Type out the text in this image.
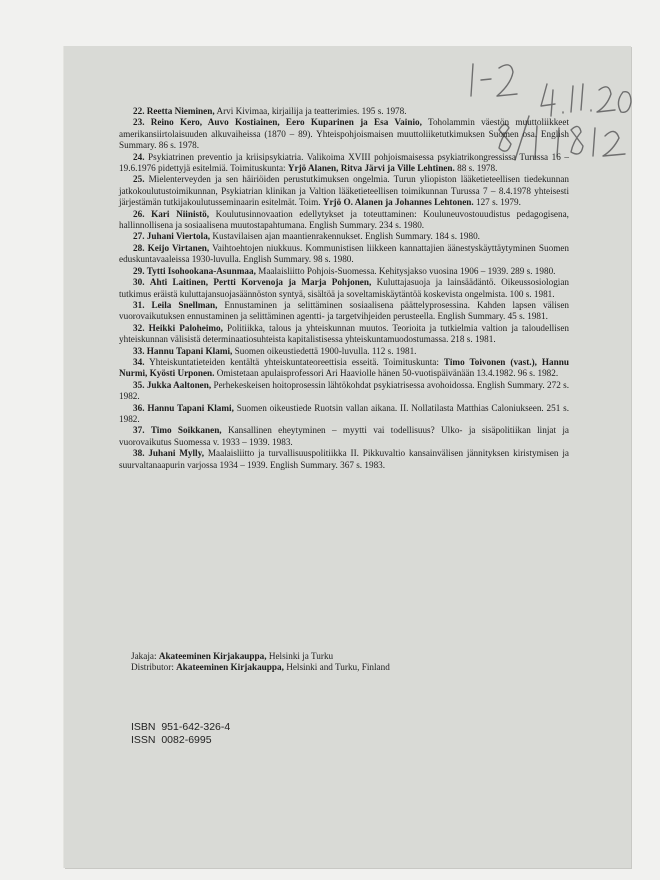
22. Reetta Nieminen, Arvi Kivimaa, kirjailija ja teatterimies. 195 s. 1978.

23. Reino Kero, Auvo Kostiainen, Eero Kuparinen ja Esa Vainio, Toholammin väestön muuttoliikkeet amerikansiirtolaisuuden alkuvaiheissa (1870 – 89). Yhteispohjoismaisen muuttoliiketutkimuksen Suomen osa. English Summary. 86 s. 1978.

24. Psykiatrinen preventio ja kriisipsykiatria. Valikoima XVIII pohjoismaisessa psykiatrikongressissa Turussa 16 – 19.6.1976 pidettyjä esitelmiä. Toimituskunta: Yrjö Alanen, Ritva Järvi ja Ville Lehtinen. 88 s. 1978.

25. Mielenterveyden ja sen häiriöiden perustutkimuksen ongelmia. Turun yliopiston lääketieteellisen tiedekunnan jatkokoulutustoimikunnan, Psykiatrian klinikan ja Valtion lääketieteellisen toimikunnan Turussa 7 – 8.4.1978 yhteisesti järjestämän tutkijakoulutusseminaarin esitelmät. Toim. Yrjö O. Alanen ja Johannes Lehtonen. 127 s. 1979.

26. Kari Niinistö, Koulutusinnovaation edellytykset ja toteuttaminen: Kouluneuvostouudistus pedagogisena, hallinnollisena ja sosiaalisena muutostapahtumana. English Summary. 234 s. 1980.

27. Juhani Viertola, Kustavilaisen ajan maantienrakennukset. English Summary. 184 s. 1980.

28. Keijo Virtanen, Vaihtoehtojen niukkuus. Kommunistisen liikkeen kannattajien äänestyskäyttäytyminen Suomen eduskuntavaaleissa 1930-luvulla. English Summary. 98 s. 1980.

29. Tytti Isohookana-Asunmaa, Maalaisliitto Pohjois-Suomessa. Kehitysjakso vuosina 1906 – 1939. 289 s. 1980.

30. Ahti Laitinen, Pertti Korvenoja ja Marja Pohjonen, Kuluttajasuoja ja lainsäädäntö. Oikeussosiologian tutkimus eräistä kuluttajansuojasäännöston syntyä, sisältöä ja soveltamiskäytäntöä koskevista ongelmista. 100 s. 1981.

31. Leila Snellman, Ennustaminen ja selittäminen sosiaalisena päättelyprosessina. Kahden lapsen välisen vuorovaikutuksen ennustaminen ja selittäminen agentti- ja targetvihjeiden perusteella. English Summary. 45 s. 1981.

32. Heikki Paloheimo, Politiikka, talous ja yhteiskunnan muutos. Teorioita ja tutkielmia valtion ja taloudellisen yhteiskunnan välisistä determinaatiosuhteista kapitalistisessa yhteiskuntamuodostumassa. 218 s. 1981.

33. Hannu Tapani Klami, Suomen oikeustiedettä 1900-luvulla. 112 s. 1981.

34. Yhteiskuntatieteiden kentältä yhteiskuntateoreettisia esseitä. Toimituskunta: Timo Toivonen (vast.), Hannu Nurmi, Kyösti Urponen. Omistetaan apulaisprofessori Ari Haaviolle hänen 50-vuotispäivänään 13.4.1982. 96 s. 1982.

35. Jukka Aaltonen, Perhekeskeisen hoitoprosessin lähtökohdat psykiatrisessa avohoidossa. English Summary. 272 s. 1982.

36. Hannu Tapani Klami, Suomen oikeustiede Ruotsin vallan aikana. II. Nollatilasta Matthias Caloniukseen. 251 s. 1982.

37. Timo Soikkanen, Kansallinen eheytyminen – myytti vai todellisuus? Ulko- ja sisäpolitiikan linjat ja vuorovaikutus Suomessa v. 1933 – 1939. 1983.

38. Juhani Mylly, Maalaisliitto ja turvallisuuspolitiikka II. Pikkuvaltio kansainvälisen jännityksen kiristymisen ja suurvaltanaapurin varjossa 1934 – 1939. English Summary. 367 s. 1983.

Jakaja: Akateeminen Kirjakauppa, Helsinki ja Turku
Distributor: Akateeminen Kirjakauppa, Helsinki and Turku, Finland
ISBN  951-642-326-4
ISSN  0082-6995
